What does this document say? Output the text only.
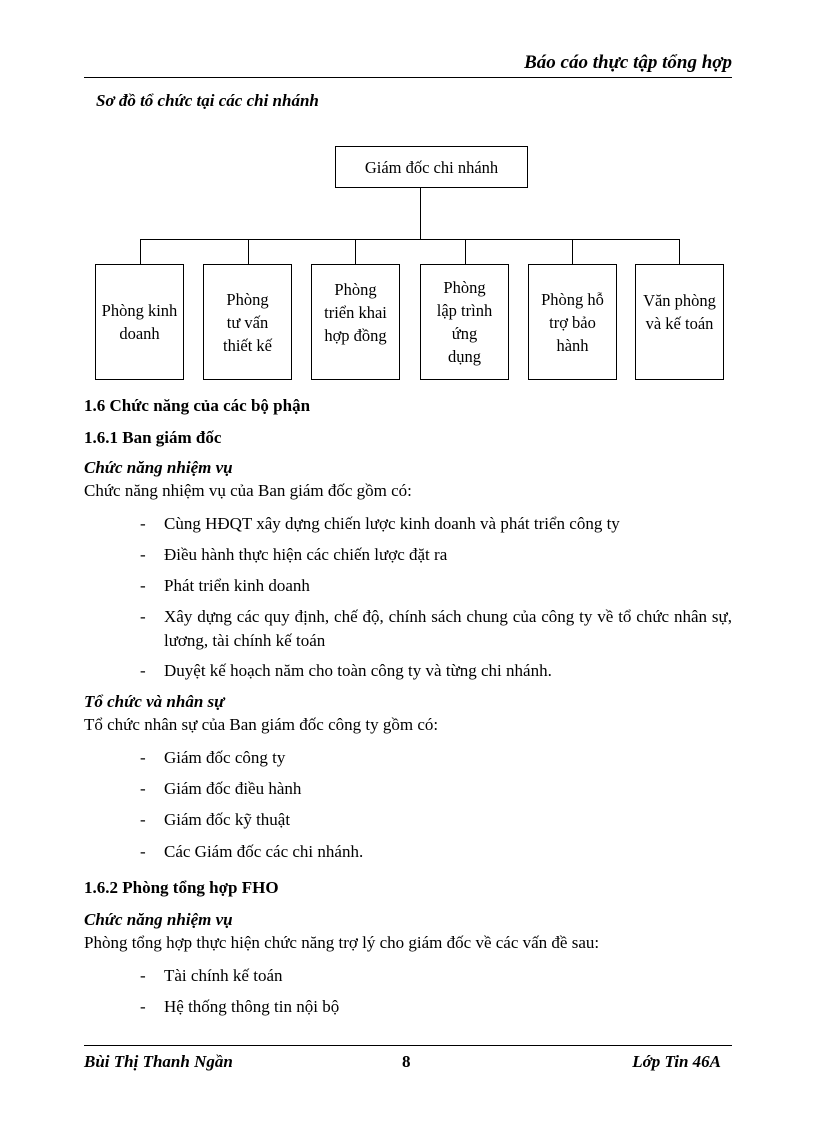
Báo cáo thực tập tổng hợp
Sơ đồ tổ chức tại các chi nhánh
Giám đốc chi nhánh
Phòng kinh
doanh
Phòng
tư vấn
thiết kế
Phòng
triển khai
hợp đồng
Phòng
lập trình
ứng
dụng
Phòng hỗ
trợ bảo
hành
Văn phòng
và kế toán
1.6 Chức năng của các bộ phận
1.6.1 Ban giám đốc
Chức năng nhiệm vụ
Chức năng nhiệm vụ của Ban giám đốc gồm có:
- Cùng HĐQT xây dựng chiến lược kinh doanh và phát triển công ty
- Điều hành thực hiện các chiến lược đặt ra
- Phát triển kinh doanh
- Xây dựng các quy định, chế độ, chính sách chung của công ty về tổ chức nhân sự, lương, tài chính kế toán
- Duyệt kế hoạch năm cho toàn công ty và từng chi nhánh.
Tổ chức và nhân sự
Tổ chức nhân sự của Ban giám đốc công ty gồm có:
- Giám đốc công ty
- Giám đốc điều hành
- Giám đốc kỹ thuật
- Các Giám đốc các chi nhánh.
1.6.2 Phòng tổng hợp FHO
Chức năng nhiệm vụ
Phòng tổng hợp thực hiện chức năng trợ lý cho giám đốc về các vấn đề sau:
- Tài chính kế toán
- Hệ thống thông tin nội bộ
Bùi Thị Thanh Ngần	8	Lớp Tin 46A
